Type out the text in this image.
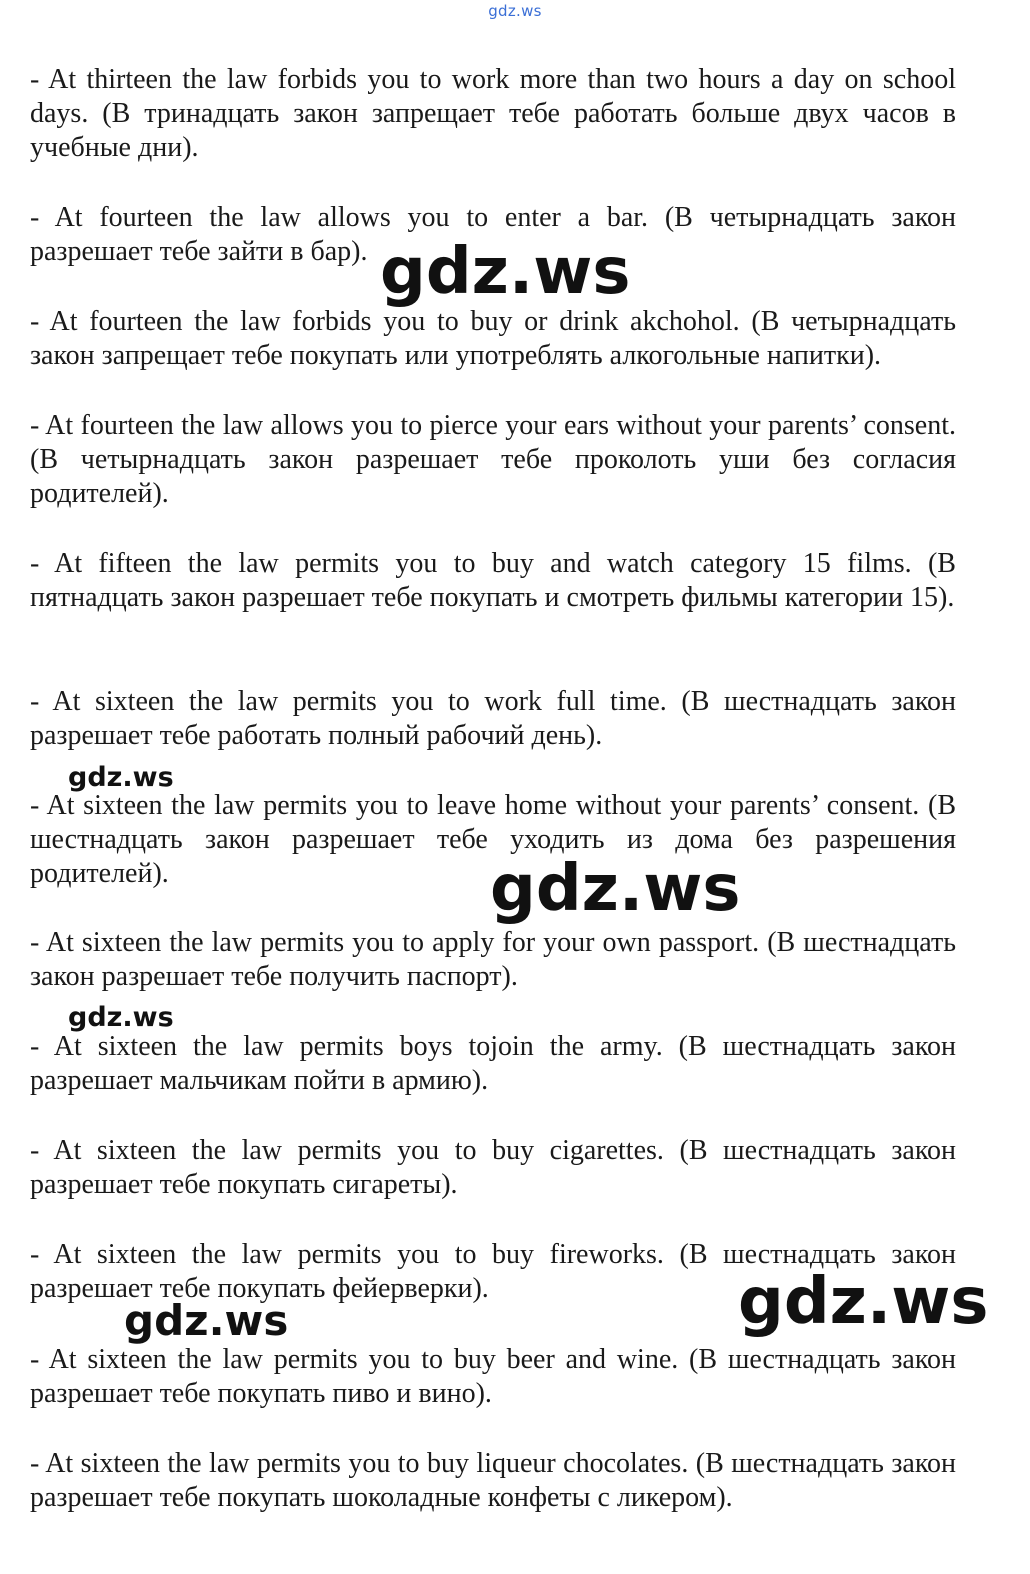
gdz.ws

- At thirteen the law forbids you to work more than two hours a day on school days. (В тринадцать закон запрещает тебе работать больше двух часов в учебные дни).

- At fourteen the law allows you to enter a bar. (В четырнадцать закон разрешает тебе зайти в бар).

- At fourteen the law forbids you to buy or drink akchohol. (В четырнадцать закон запрещает тебе покупать или употреблять алкогольные напитки).

- At fourteen the law allows you to pierce your ears without your parents’ consent. (В четырнадцать закон разрешает тебе проколоть уши без согласия родителей).

- At fifteen the law permits you to buy and watch category 15 films. (В пятнадцать закон разрешает тебе покупать и смотреть фильмы категории 15).

- At sixteen the law permits you to work full time. (В шестнадцать закон разрешает тебе работать полный рабочий день).

- At sixteen the law permits you to leave home without your parents’ consent. (В шестнадцать закон разрешает тебе уходить из дома без разрешения родителей).

- At sixteen the law permits you to apply for your own passport. (В шестнадцать закон разрешает тебе получить паспорт).

- At sixteen the law permits boys tojoin the army. (В шестнадцать закон разрешает мальчикам пойти в армию).

- At sixteen the law permits you to buy cigarettes. (В шестнадцать закон разрешает тебе покупать сигареты).

- At sixteen the law permits you to buy fireworks. (В шестнадцать закон разрешает тебе покупать фейерверки).

- At sixteen the law permits you to buy beer and wine. (В шестнадцать закон разрешает тебе покупать пиво и вино).

- At sixteen the law permits you to buy liqueur chocolates. (В шестнадцать закон разрешает тебе покупать шоколадные конфеты с ликером).

gdz.ws
gdz.ws
gdz.ws
gdz.ws
gdz.ws
gdz.ws
